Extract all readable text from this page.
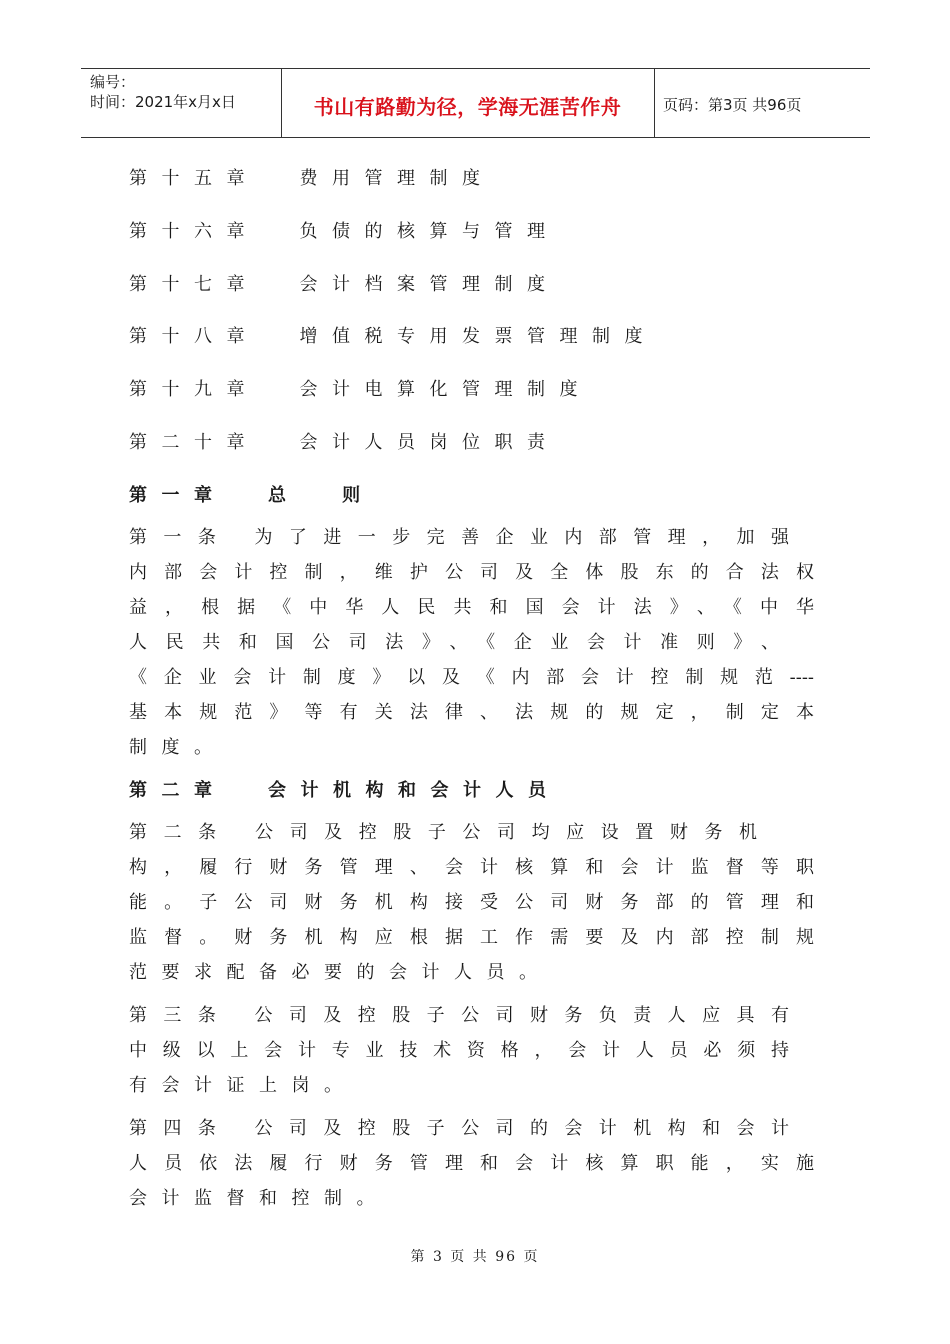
编号：
时间：2021年x月x日	书山有路勤为径，学海无涯苦作舟	页码：第3页 共96页
第十五章  费用管理制度
第十六章  负债的核算与管理
第十七章  会计档案管理制度
第十八章  增值税专用发票管理制度
第十九章  会计电算化管理制度
第二十章  会计人员岗位职责
第一章  总  则
第一条 为了进一步完善企业内部管理，加强
内部会计控制，维护公司及全体股东的合法权
益，根据《中华人民共和国会计法》、《中华
人民共和国公司法》、《企业会计准则》、
《企业会计制度》以及《内部会计控制规范----
基本规范》等有关法律、法规的规定，制定本
制度。
第二章  会计机构和会计人员
第二条 公司及控股子公司均应设置财务机
构，履行财务管理、会计核算和会计监督等职
能。子公司财务机构接受公司财务部的管理和
监督。财务机构应根据工作需要及内部控制规
范要求配备必要的会计人员。
第三条 公司及控股子公司财务负责人应具有
中级以上会计专业技术资格，会计人员必须持
有会计证上岗。
第四条 公司及控股子公司的会计机构和会计
人员依法履行财务管理和会计核算职能，实施
会计监督和控制。
第 3 页 共 96 页
